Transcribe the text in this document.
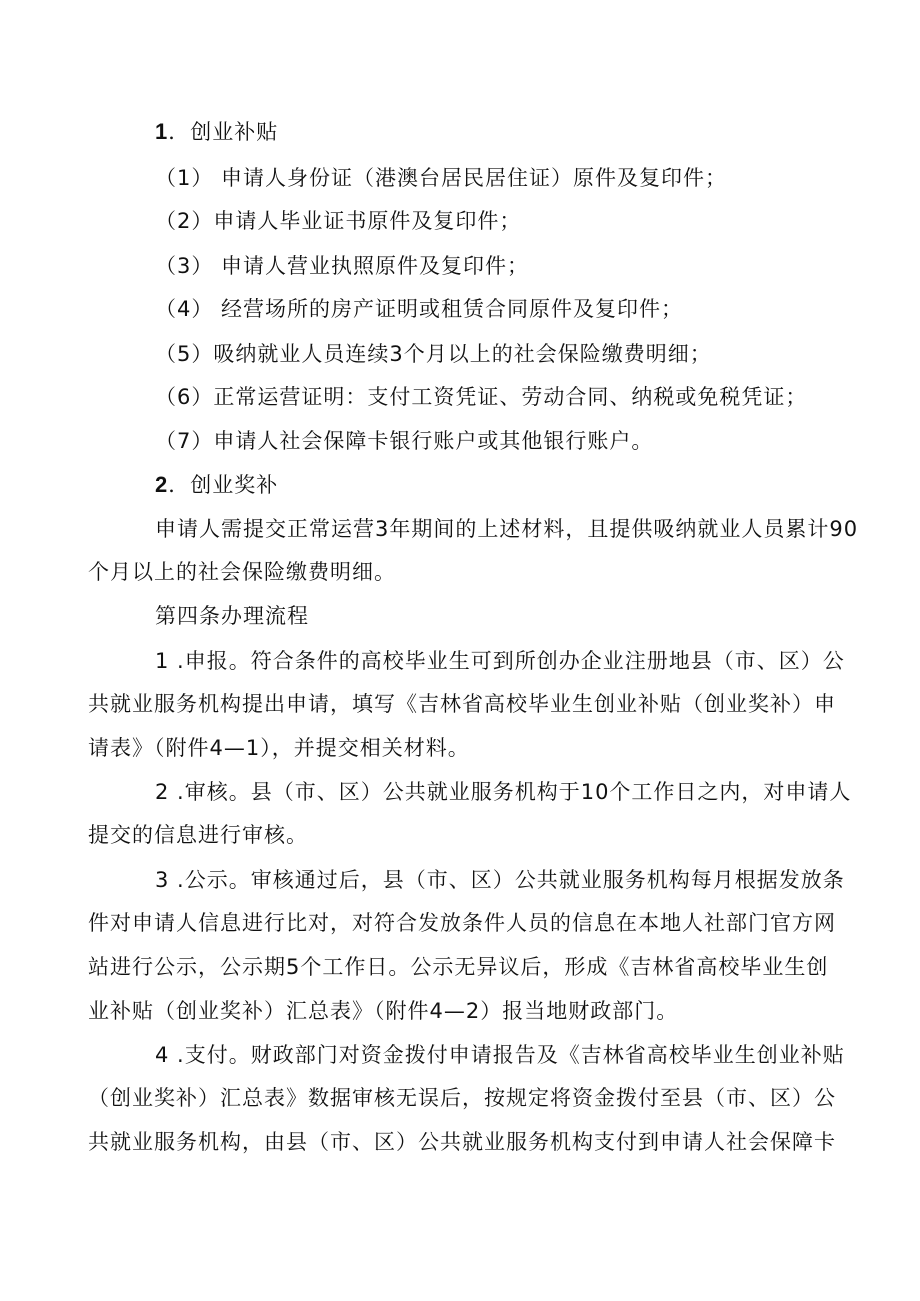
1．创业补贴
（1） 申请人身份证（港澳台居民居住证）原件及复印件；
（2）申请人毕业证书原件及复印件；
（3） 申请人营业执照原件及复印件；
（4） 经营场所的房产证明或租赁合同原件及复印件；
（5）吸纳就业人员连续3个月以上的社会保险缴费明细；
（6）正常运营证明：支付工资凭证、劳动合同、纳税或免税凭证；
（7）申请人社会保障卡银行账户或其他银行账户。
2．创业奖补
申请人需提交正常运营3年期间的上述材料，且提供吸纳就业人员累计90
个月以上的社会保险缴费明细。
第四条办理流程
1 .申报。符合条件的高校毕业生可到所创办企业注册地县（市、区）公
共就业服务机构提出申请，填写《吉林省高校毕业生创业补贴（创业奖补）申
请表》（附件4—1），并提交相关材料。
2 .审核。县（市、区）公共就业服务机构于10个工作日之内，对申请人
提交的信息进行审核。
3 .公示。审核通过后，县（市、区）公共就业服务机构每月根据发放条
件对申请人信息进行比对，对符合发放条件人员的信息在本地人社部门官方网
站进行公示，公示期5个工作日。公示无异议后，形成《吉林省高校毕业生创
业补贴（创业奖补）汇总表》（附件4—2）报当地财政部门。
4 .支付。财政部门对资金拨付申请报告及《吉林省高校毕业生创业补贴
（创业奖补）汇总表》数据审核无误后，按规定将资金拨付至县（市、区）公
共就业服务机构，由县（市、区）公共就业服务机构支付到申请人社会保障卡
